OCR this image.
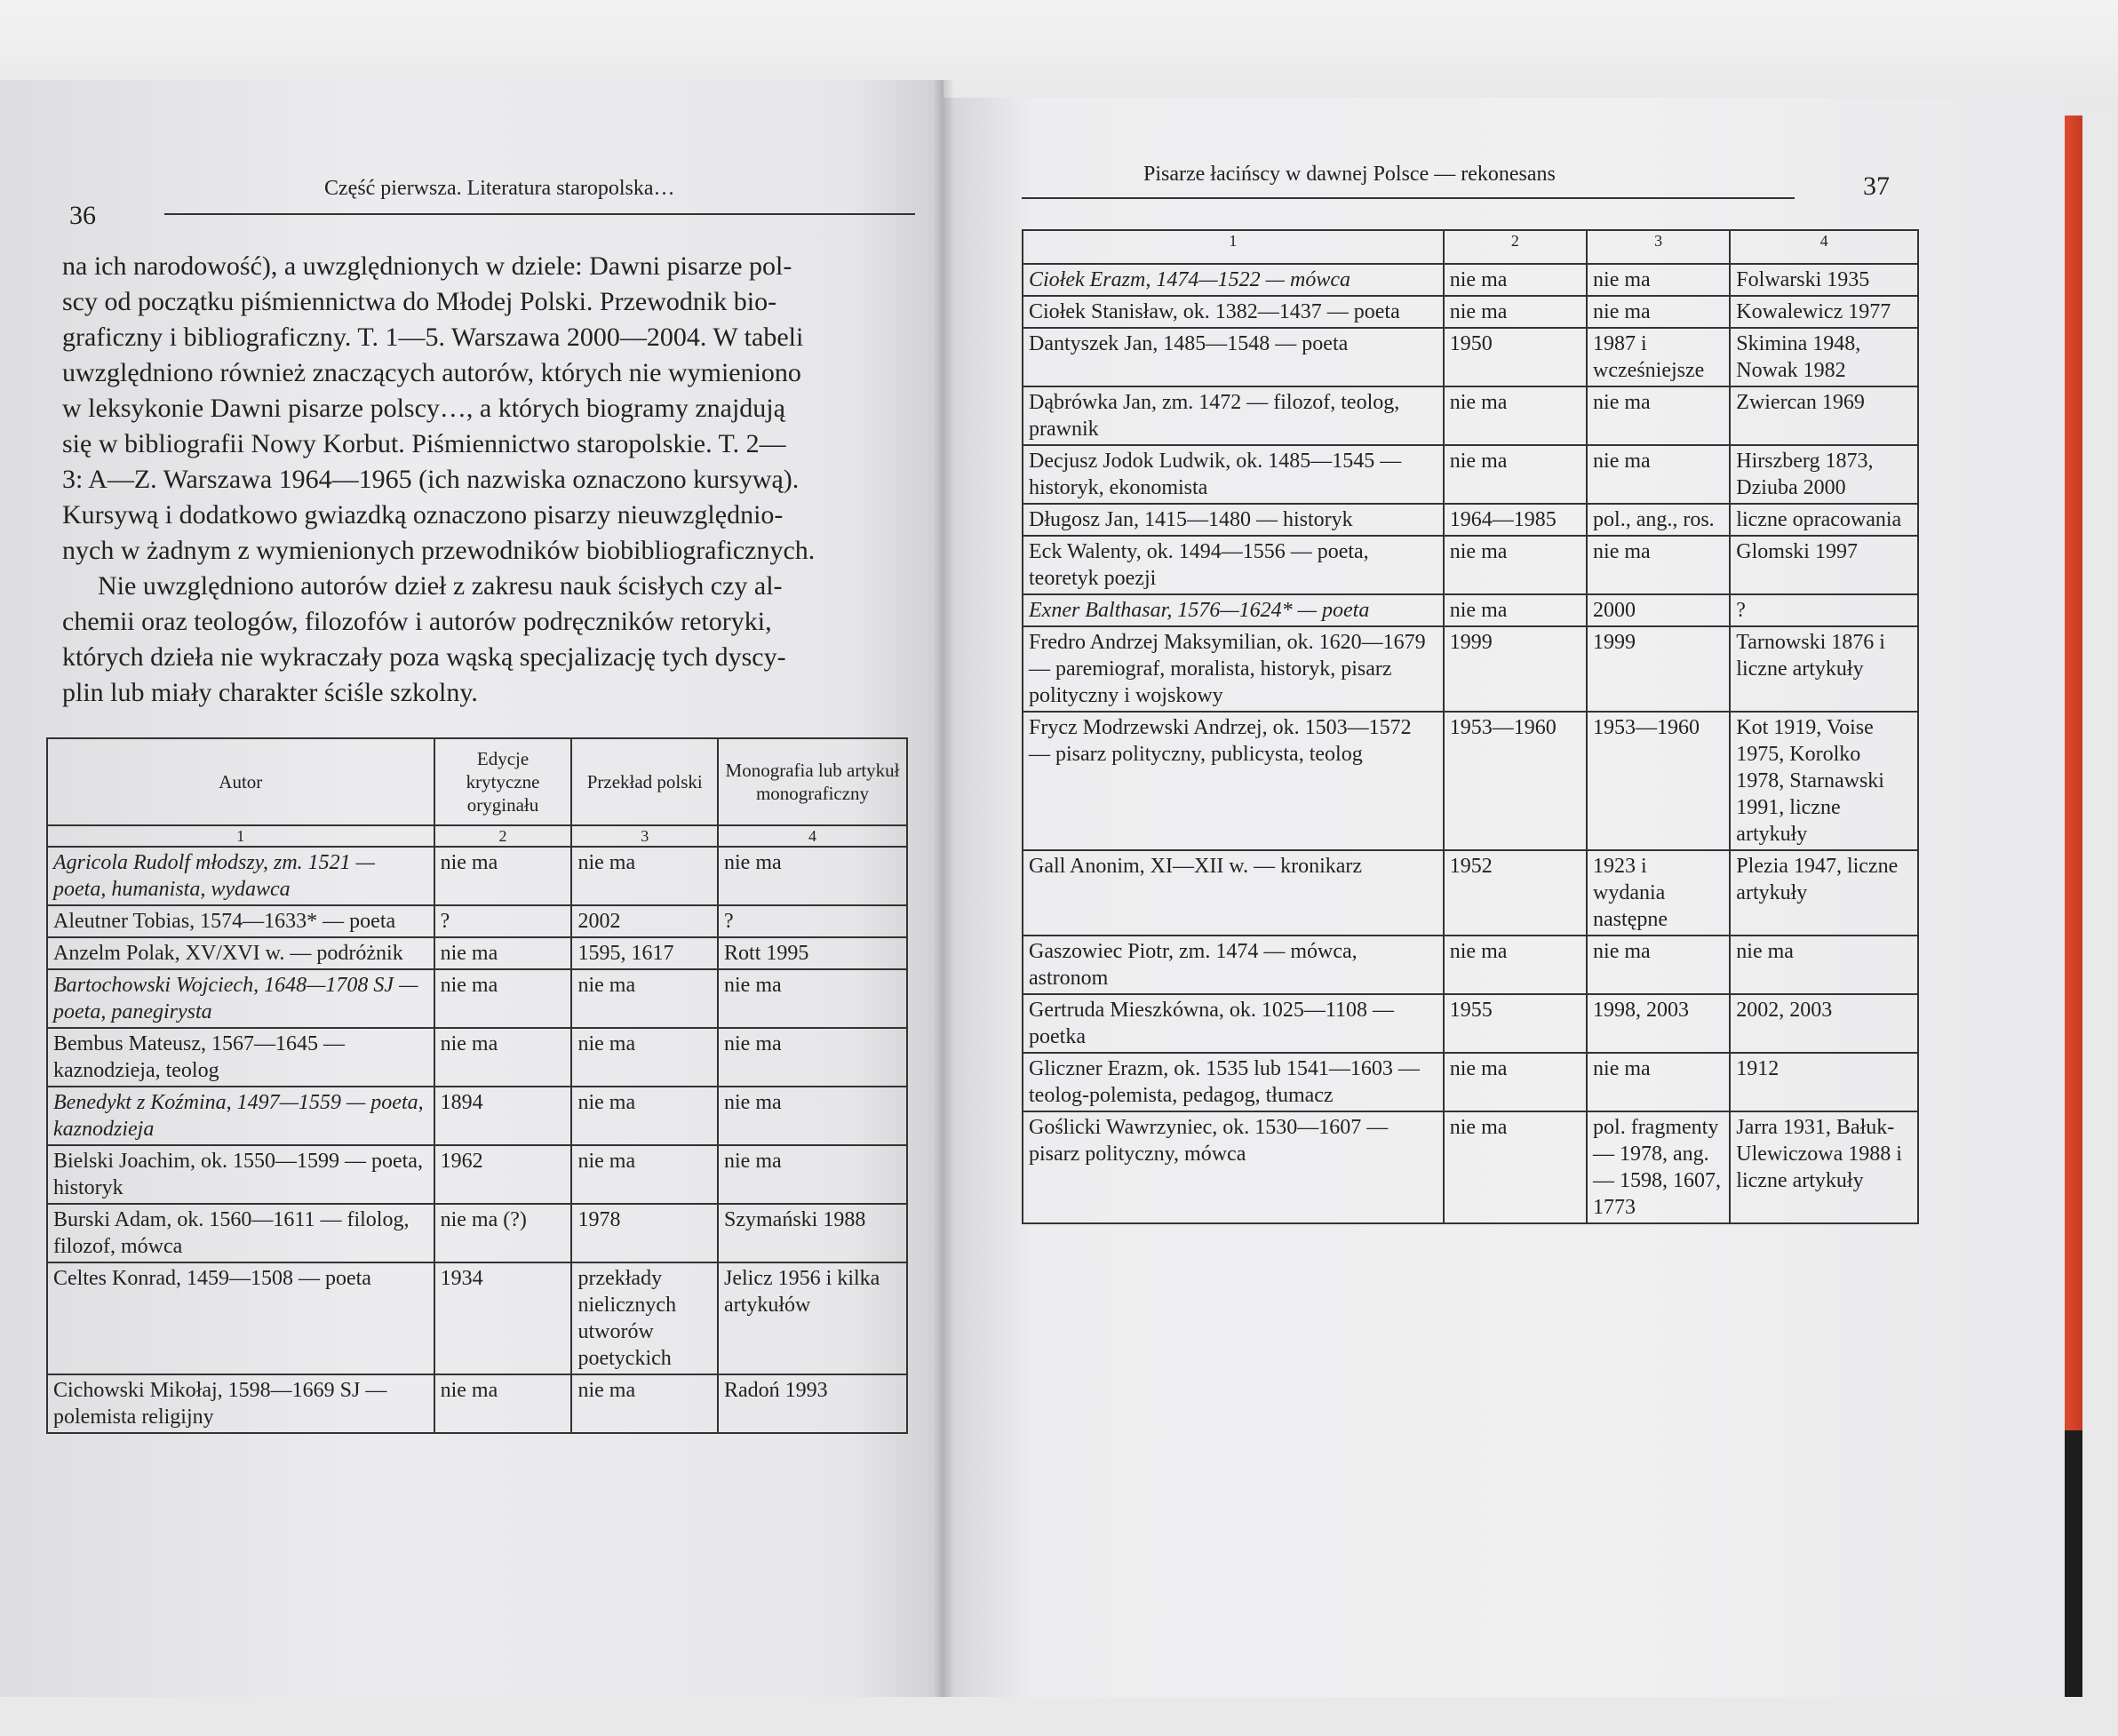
36
Część pierwsza. Literatura staropolska…

na ich narodowość), a uwzględnionych w dziele: Dawni pisarze pol-

scy od początku piśmiennictwa do Młodej Polski. Przewodnik bio-

graficzny i bibliograficzny. T. 1—5. Warszawa 2000—2004. W tabeli

uwzględniono również znaczących autorów, których nie wymieniono

w leksykonie Dawni pisarze polscy…, a których biogramy znajdują

się w bibliografii Nowy Korbut. Piśmiennictwo staropolskie. T. 2—

3: A—Z. Warszawa 1964—1965 (ich nazwiska oznaczono kursywą).

Kursywą i dodatkowo gwiazdką oznaczono pisarzy nieuwzględnio-

nych w żadnym z wymienionych przewodników biobibliograficznych.

Nie uwzględniono autorów dzieł z zakresu nauk ścisłych czy al-

chemii oraz teologów, filozofów i autorów podręczników retoryki,

których dzieła nie wykraczały poza wąską specjalizację tych dyscy-

plin lub miały charakter ściśle szkolny.

Autor	Edycje krytyczne oryginału	Przekład polski	Monografia lub artykuł monograficzny
1	2	3	4
Agricola Rudolf młodszy, zm. 1521 — poeta, humanista, wydawca	nie ma	nie ma	nie ma
Aleutner Tobias, 1574—1633* — poeta	?	2002	?
Anzelm Polak, XV/XVI w. — podróżnik	nie ma	1595, 1617	Rott 1995
Bartochowski Wojciech, 1648—1708 SJ — poeta, panegirysta	nie ma	nie ma	nie ma
Bembus Mateusz, 1567—1645 — kaznodzieja, teolog	nie ma	nie ma	nie ma
Benedykt z Koźmina, 1497—1559 — poeta, kaznodzieja	1894	nie ma	nie ma
Bielski Joachim, ok. 1550—1599 — poeta, historyk	1962	nie ma	nie ma
Burski Adam, ok. 1560—1611 — filolog, filozof, mówca	nie ma (?)	1978	Szymański 1988
Celtes Konrad, 1459—1508 — poeta	1934	przekłady nielicznych utworów poetyckich	Jelicz 1956 i kilka artykułów
Cichowski Mikołaj, 1598—1669 SJ — polemista religijny	nie ma	nie ma	Radoń 1993
Pisarze łacińscy w dawnej Polsce — rekonesans	37
1	2	3	4
Ciołek Erazm, 1474—1522 — mówca	nie ma	nie ma	Folwarski 1935
Ciołek Stanisław, ok. 1382—1437 — poeta	nie ma	nie ma	Kowalewicz 1977
Dantyszek Jan, 1485—1548 — poeta	1950	1987 i wcześniejsze	Skimina 1948, Nowak 1982
Dąbrówka Jan, zm. 1472 — filozof, teolog, prawnik	nie ma	nie ma	Zwiercan 1969
Decjusz Jodok Ludwik, ok. 1485—1545 — historyk, ekonomista	nie ma	nie ma	Hirszberg 1873, Dziuba 2000
Długosz Jan, 1415—1480 — historyk	1964—1985	pol., ang., ros.	liczne opracowania
Eck Walenty, ok. 1494—1556 — poeta, teoretyk poezji	nie ma	nie ma	Glomski 1997
Exner Balthasar, 1576—1624* — poeta	nie ma	2000	?
Fredro Andrzej Maksymilian, ok. 1620—1679 — paremiograf, moralista, historyk, pisarz polityczny i wojskowy	1999	1999	Tarnowski 1876 i liczne artykuły
Frycz Modrzewski Andrzej, ok. 1503—1572 — pisarz polityczny, publicysta, teolog	1953—1960	1953—1960	Kot 1919, Voise 1975, Korolko 1978, Starnawski 1991, liczne artykuły
Gall Anonim, XI—XII w. — kronikarz	1952	1923 i wydania następne	Plezia 1947, liczne artykuły
Gaszowiec Piotr, zm. 1474 — mówca, astronom	nie ma	nie ma	nie ma
Gertruda Mieszkówna, ok. 1025—1108 — poetka	1955	1998, 2003	2002, 2003
Gliczner Erazm, ok. 1535 lub 1541—1603 — teolog-polemista, pedagog, tłumacz	nie ma	nie ma	1912
Goślicki Wawrzyniec, ok. 1530—1607 — pisarz polityczny, mówca	nie ma	pol. fragmenty — 1978, ang. — 1598, 1607, 1773	Jarra 1931, Bałuk-Ulewiczowa 1988 i liczne artykuły
